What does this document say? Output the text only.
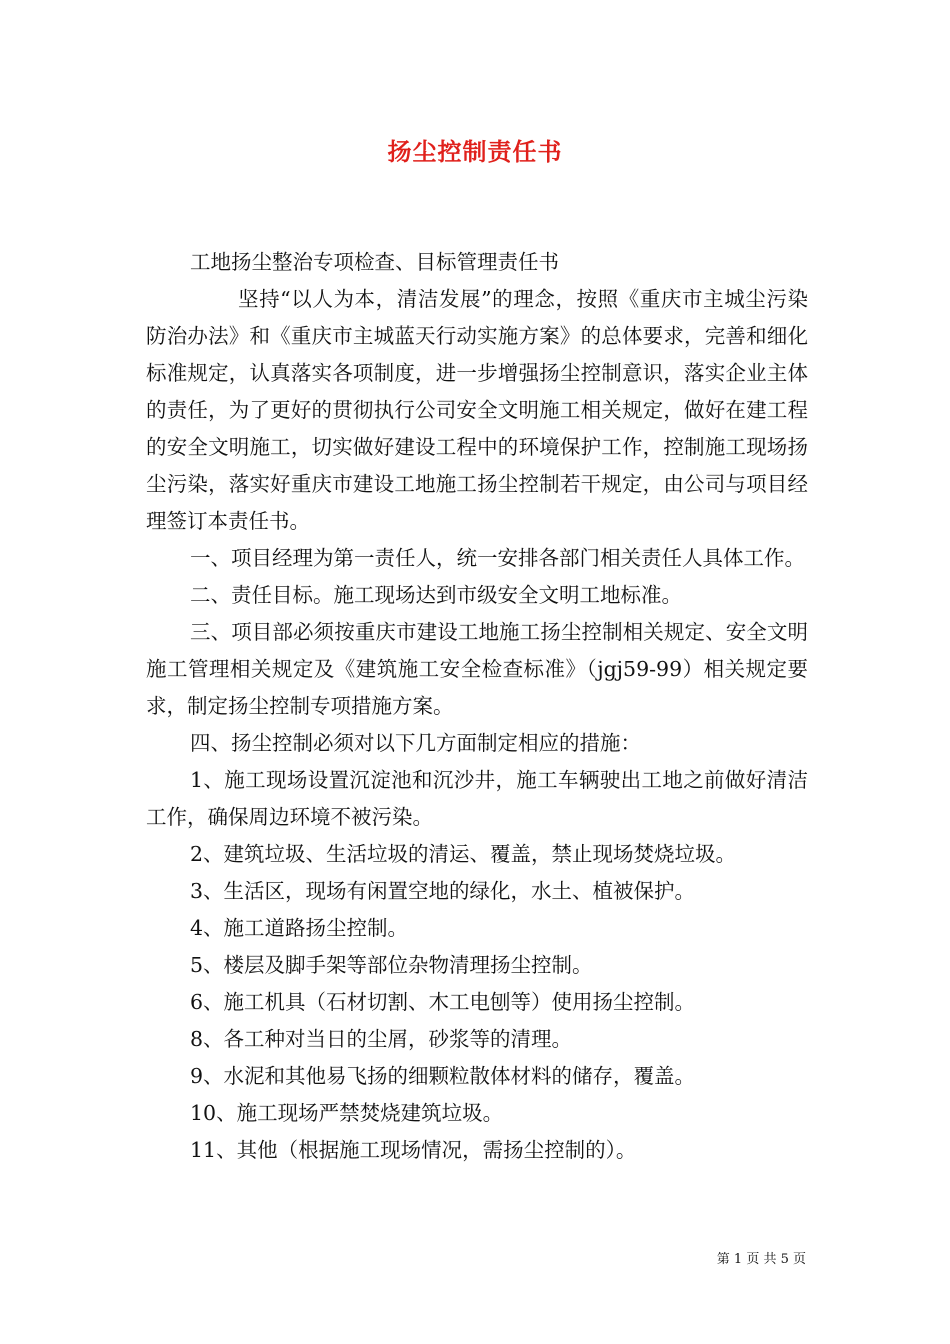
扬尘控制责任书

工地扬尘整治专项检查、目标管理责任书

坚持“以人为本，清洁发展”的理念，按照《重庆市主城尘污染防治办法》和《重庆市主城蓝天行动实施方案》的总体要求，完善和细化标准规定，认真落实各项制度，进一步增强扬尘控制意识，落实企业主体的责任，为了更好的贯彻执行公司安全文明施工相关规定，做好在建工程的安全文明施工，切实做好建设工程中的环境保护工作，控制施工现场扬尘污染，落实好重庆市建设工地施工扬尘控制若干规定，由公司与项目经理签订本责任书。

一、项目经理为第一责任人，统一安排各部门相关责任人具体工作。

二、责任目标。施工现场达到市级安全文明工地标准。

三、项目部必须按重庆市建设工地施工扬尘控制相关规定、安全文明施工管理相关规定及《建筑施工安全检查标准》（jgj59-99）相关规定要求，制定扬尘控制专项措施方案。

四、扬尘控制必须对以下几方面制定相应的措施：

1、施工现场设置沉淀池和沉沙井，施工车辆驶出工地之前做好清洁工作，确保周边环境不被污染。

2、建筑垃圾、生活垃圾的清运、覆盖，禁止现场焚烧垃圾。

3、生活区，现场有闲置空地的绿化，水土、植被保护。

4、施工道路扬尘控制。

5、楼层及脚手架等部位杂物清理扬尘控制。

6、施工机具（石材切割、木工电刨等）使用扬尘控制。

8、各工种对当日的尘屑，砂浆等的清理。

9、水泥和其他易飞扬的细颗粒散体材料的储存，覆盖。

10、施工现场严禁焚烧建筑垃圾。

11、其他（根据施工现场情况，需扬尘控制的）。

第 1 页 共 5 页
